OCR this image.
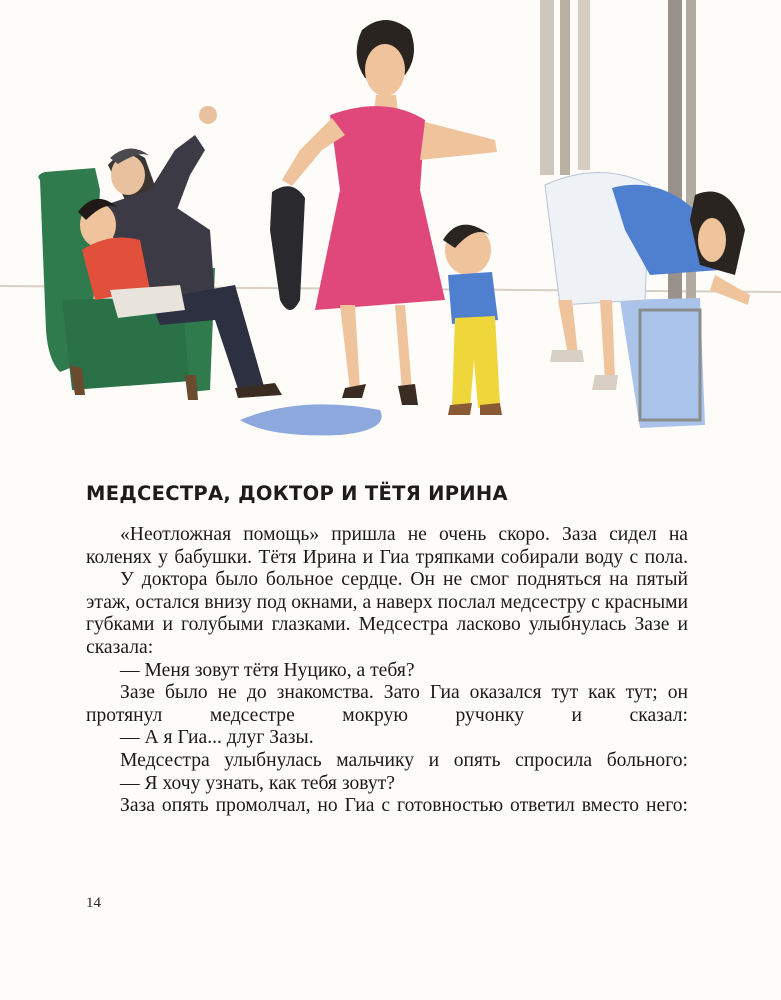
МЕДСЕСТРА, ДОКТОР И ТЁТЯ ИРИНА

«Неотложная помощь» пришла не очень скоро. Заза сидел на коленях у бабушки. Тётя Ирина и Гиа тряпками собирали воду с пола.

У доктора было больное сердце. Он не смог подняться на пятый этаж, остался внизу под окнами, а наверх послал медсестру с красными губками и голубыми глазками. Медсестра ласково улыбнулась Зазе и сказала:

— Меня зовут тётя Нуцико, а тебя?

Зазе было не до знакомства. Зато Гиа оказался тут как тут; он протянул медсестре мокрую ручонку и сказал:

— А я Гиа... длуг Зазы.

Медсестра улыбнулась мальчику и опять спросила больного:

— Я хочу узнать, как тебя зовут?

Заза опять промолчал, но Гиа с готовностью ответил вместо него:

14
